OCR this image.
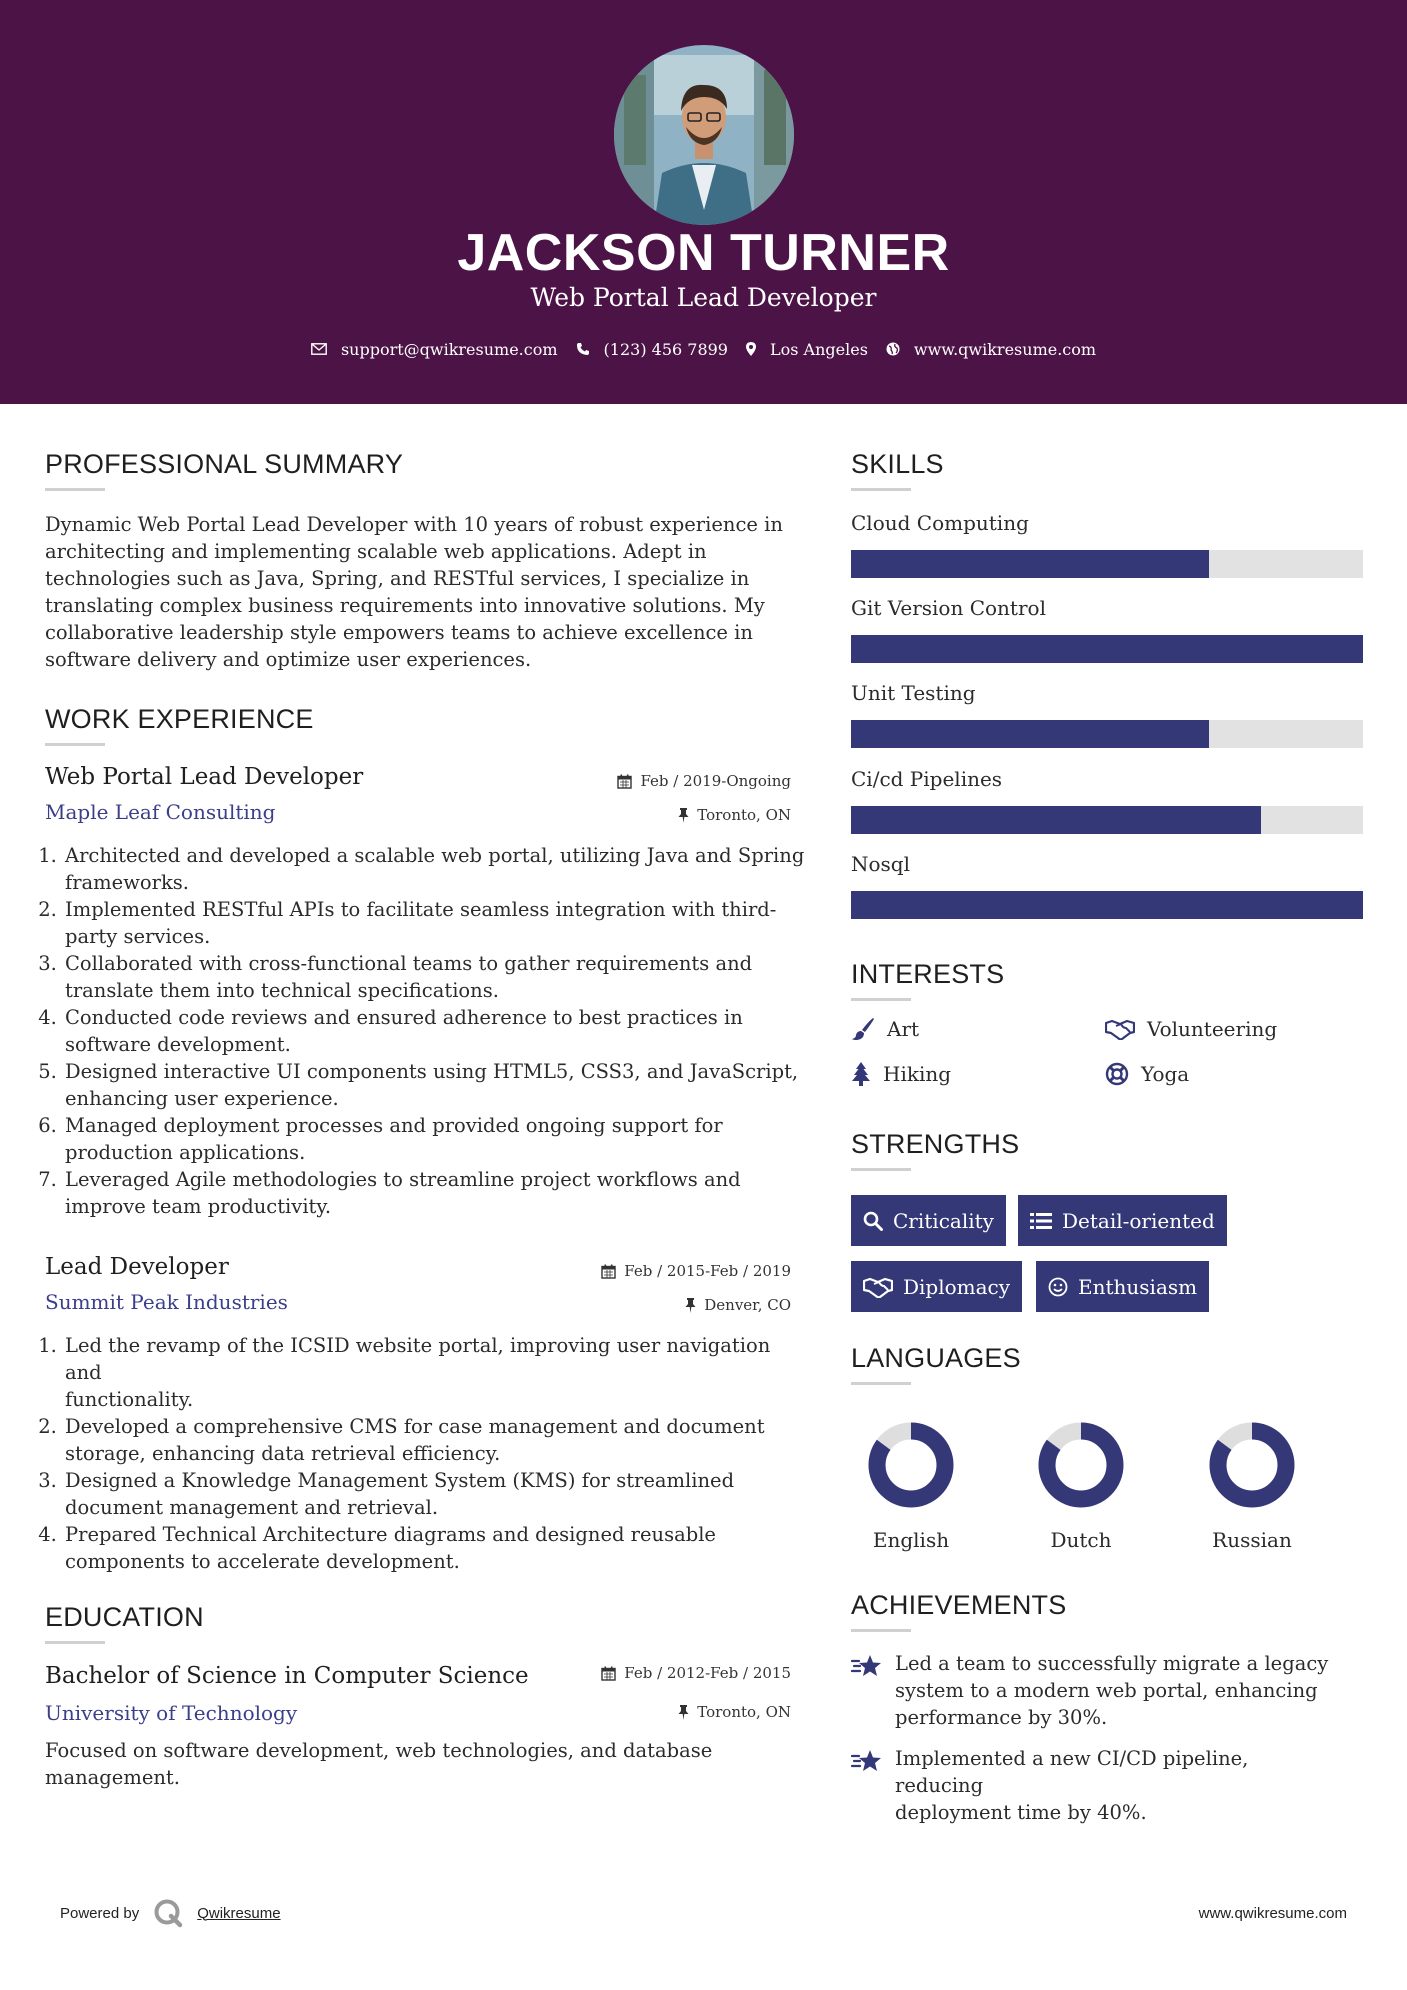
JACKSON TURNER
Web Portal Lead Developer
support@qwikresume.com	(123) 456 7899	Los Angeles	www.qwikresume.com
PROFESSIONAL SUMMARY
Dynamic Web Portal Lead Developer with 10 years of robust experience in
architecting and implementing scalable web applications. Adept in
technologies such as Java, Spring, and RESTful services, I specialize in
translating complex business requirements into innovative solutions. My
collaborative leadership style empowers teams to achieve excellence in
software delivery and optimize user experiences.
WORK EXPERIENCE
Web Portal Lead Developer	Feb / 2019-Ongoing
Maple Leaf Consulting	Toronto, ON
1. Architected and developed a scalable web portal, utilizing Java and Spring
frameworks.
2. Implemented RESTful APIs to facilitate seamless integration with third-
party services.
3. Collaborated with cross-functional teams to gather requirements and
translate them into technical specifications.
4. Conducted code reviews and ensured adherence to best practices in
software development.
5. Designed interactive UI components using HTML5, CSS3, and JavaScript,
enhancing user experience.
6. Managed deployment processes and provided ongoing support for
production applications.
7. Leveraged Agile methodologies to streamline project workflows and
improve team productivity.
Lead Developer	Feb / 2015-Feb / 2019
Summit Peak Industries	Denver, CO
1. Led the revamp of the ICSID website portal, improving user navigation and
functionality.
2. Developed a comprehensive CMS for case management and document
storage, enhancing data retrieval efficiency.
3. Designed a Knowledge Management System (KMS) for streamlined
document management and retrieval.
4. Prepared Technical Architecture diagrams and designed reusable
components to accelerate development.
EDUCATION
Bachelor of Science in Computer Science	Feb / 2012-Feb / 2015
University of Technology	Toronto, ON
Focused on software development, web technologies, and database
management.
SKILLS
Cloud Computing
Git Version Control
Unit Testing
Ci/cd Pipelines
Nosql
INTERESTS
Art	Volunteering
Hiking	Yoga
STRENGTHS
Criticality	Detail-oriented
Diplomacy	Enthusiasm
LANGUAGES
English	Dutch	Russian
ACHIEVEMENTS
Led a team to successfully migrate a legacy
system to a modern web portal, enhancing
performance by 30%.
Implemented a new CI/CD pipeline, reducing
deployment time by 40%.
Powered by	Qwikresume	www.qwikresume.com
